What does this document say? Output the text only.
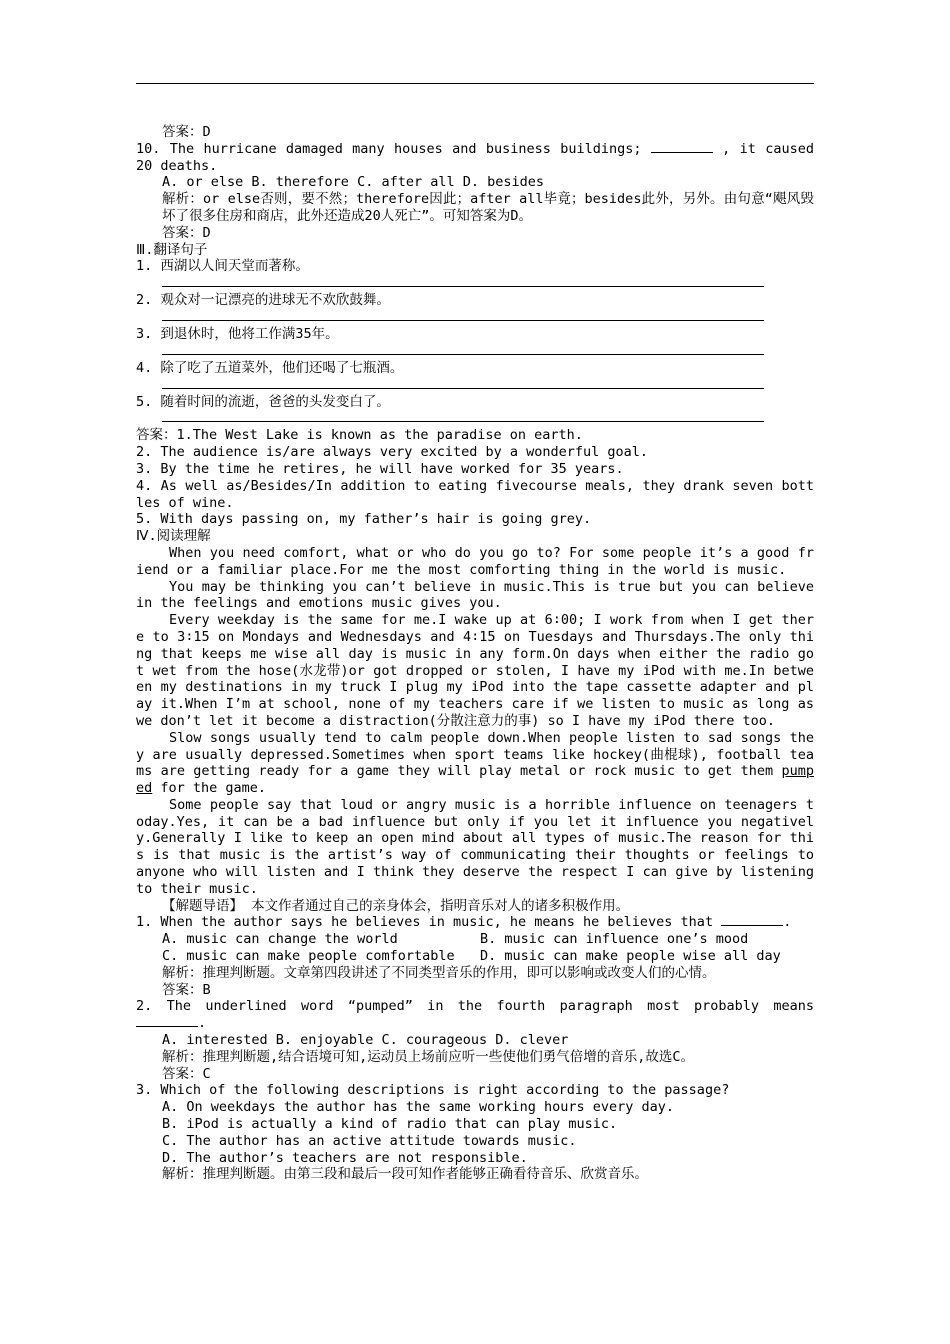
答案：D

10. The hurricane damaged many houses and business buildings;	, it caused 20 deaths.

A. or else B. therefore C. after all D. besides

解析：or else否则，要不然；therefore因此；after all毕竟；besides此外，另外。由句意“飓风毁坏了很多住房和商店，此外还造成20人死亡”。可知答案为D。

答案：D

Ⅲ.翻译句子

1. 西湖以人间天堂而著称。

2. 观众对一记漂亮的进球无不欢欣鼓舞。

3. 到退休时，他将工作满35年。

4. 除了吃了五道菜外，他们还喝了七瓶酒。

5. 随着时间的流逝，爸爸的头发变白了。

答案：1.The West Lake is known as the paradise on earth.

2. The audience is/are always very excited by a wonderful goal.

3. By the time he retires, he will have worked for 35 years.

4. As well as/Besides/In addition to eating fivecourse meals, they drank seven bottles of wine.

5. With days passing on, my father’s hair is going grey.

Ⅳ.阅读理解

When you need comfort, what or who do you go to? For some people it’s a good friend or a familiar place.For me the most comforting thing in the world is music.

You may be thinking you can’t believe in music.This is true but you can believe in the feelings and emotions music gives you.

Every weekday is the same for me.I wake up at 6∶00; I work from when I get there to 3∶15 on Mondays and Wednesdays and 4∶15 on Tuesdays and Thursdays.The only thing that keeps me wise all day is music in any form.On days when either the radio got wet from the hose(水龙带)or got dropped or stolen, I have my iPod with me.In between my destinations in my truck I plug my iPod into the tape cassette adapter and play it.When I’m at school, none of my teachers care if we listen to music as long as we don’t let it become a distraction(分散注意力的事) so I have my iPod there too.

Slow songs usually tend to calm people down.When people listen to sad songs they are usually depressed.Sometimes when sport teams like hockey(曲棍球), football teams are getting ready for a game they will play metal or rock music to get them pumped for the game.

Some people say that loud or angry music is a horrible influence on teenagers today.Yes, it can be a bad influence but only if you let it influence you negatively.Generally I like to keep an open mind about all types of music.The reason for this is that music is the artist’s way of communicating their thoughts or feelings to anyone who will listen and I think they deserve the respect I can give by listening to their music.

【解题导语】 本文作者通过自己的亲身体会，指明音乐对人的诸多积极作用。

1. When the author says he believes in music, he means he believes that	.

A. music can change the world	B. music can influence one’s mood

C. music can make people comfortable D. music can make people wise all day

解析：推理判断题。文章第四段讲述了不同类型音乐的作用，即可以影响或改变人们的心情。

答案：B

2. The underlined word “pumped” in the fourth paragraph most probably means .

A. interested B. enjoyable C. courageous D. clever

解析：推理判断题,结合语境可知,运动员上场前应听一些使他们勇气倍增的音乐,故选C。

答案：C

3. Which of the following descriptions is right according to the passage?

A. On weekdays the author has the same working hours every day.

B. iPod is actually a kind of radio that can play music.

C. The author has an active attitude towards music.

D. The author’s teachers are not responsible.

解析：推理判断题。由第三段和最后一段可知作者能够正确看待音乐、欣赏音乐。
